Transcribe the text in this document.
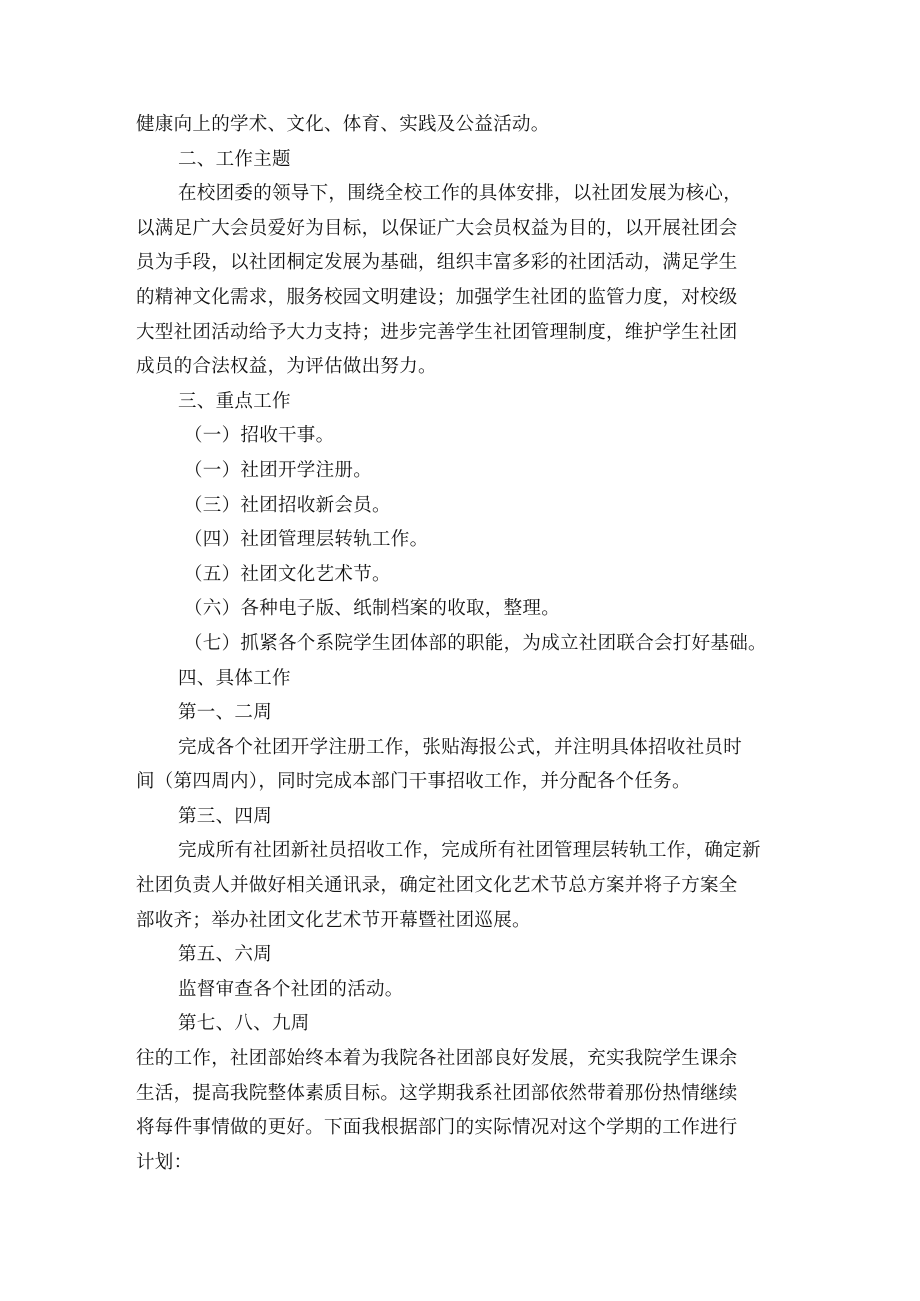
健康向上的学术、文化、体育、实践及公益活动。
二、工作主题
在校团委的领导下，围绕全校工作的具体安排，以社团发展为核心，
以满足广大会员爱好为目标，以保证广大会员权益为目的，以开展社团会
员为手段，以社团桐定发展为基础，组织丰富多彩的社团活动，满足学生
的精神文化需求，服务校园文明建设；加强学生社团的监管力度，对校级
大型社团活动给予大力支持；进步完善学生社团管理制度，维护学生社团
成员的合法权益，为评估做出努力。
三、重点工作
（一）招收干事。
（一）社团开学注册。
（三）社团招收新会员。
（四）社团管理层转轨工作。
（五）社团文化艺术节。
（六）各种电子版、纸制档案的收取，整理。
（七）抓紧各个系院学生团体部的职能，为成立社团联合会打好基础。
四、具体工作
第一、二周
完成各个社团开学注册工作，张贴海报公式，并注明具体招收社员时
间（第四周内），同时完成本部门干事招收工作，并分配各个任务。
第三、四周
完成所有社团新社员招收工作，完成所有社团管理层转轨工作，确定新
社团负责人并做好相关通讯录，确定社团文化艺术节总方案并将子方案全
部收齐；举办社团文化艺术节开幕暨社团巡展。
第五、六周
监督审查各个社团的活动。
第七、八、九周
往的工作，社团部始终本着为我院各社团部良好发展，充实我院学生课余
生活，提高我院整体素质目标。这学期我系社团部依然带着那份热情继续
将每件事情做的更好。下面我根据部门的实际情况对这个学期的工作进行
计划：
